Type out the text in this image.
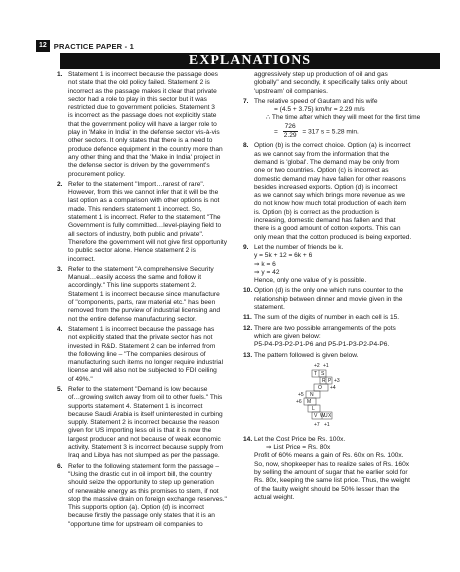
12 PRACTICE PAPER - 1
EXPLANATIONS
1. Statement 1 is incorrect because the passage does
not state that the old policy failed. Statement 2 is
incorrect as the passage makes it clear that private
sector had a role to play in this sector but it was
restricted due to government policies. Statement 3
is incorrect as the passage does not explicitly state
that the government policy will have a larger role to
play in 'Make in India' in the defense sector vis-à-vis
other sectors. It only states that there is a need to
produce defence equipment in the country more than
any other thing and that the 'Make in India' project in
the defense sector is driven by the government's
procurement policy.
2. Refer to the statement "Import…rarest of rare".
However, from this we cannot infer that it will be the
last option as a comparison with other options is not
made. This renders statement 1 incorrect. So,
statement 1 is incorrect. Refer to the statement "The
Government is fully committed…level-playing field to
all sectors of industry, both public and private".
Therefore the government will not give first opportunity
to public sector alone. Hence statement 2 is
incorrect.
3. Refer to the statement "A comprehensive Security
Manual…easily access the same and follow it
accordingly." This line supports statement 2.
Statement 1 is incorrect because since manufacture
of "components, parts, raw material etc." has been
removed from the purview of industrial licensing and
not the entire defense manufacturing sector.
4. Statement 1 is incorrect because the passage has
not explicitly stated that the private sector has not
invested in R&D. Statement 2 can be inferred from
the following line – "The companies desirous of
manufacturing such items no longer require industrial
license and will also not be subjected to FDI ceiling
of 49%."
5. Refer to the statement "Demand is low because
of…growing switch away from oil to other fuels." This
supports statement 4. Statement 1 is incorrect
because Saudi Arabia is itself uninterested in curbing
supply. Statement 2 is incorrect because the reason
given for US importing less oil is that it is now the
largest producer and not because of weak economic
activity. Statement 3 is incorrect because supply from
Iraq and Libya has not slumped as per the passage.
6. Refer to the following statement form the passage –
"Using the drastic cut in oil import bill, the country
should seize the opportunity to step up generation
of renewable energy as this promises to stem, if not
stop the massive drain on foreign exchange reserves."
This supports option (a). Option (d) is incorrect
because firstly the passage only states that it is an
"opportune time for upstream oil companies to
aggressively step up production of oil and gas
globally" and secondly, it specifically talks only about
'upstream' oil companies.
7. The relative speed of Gautam and his wife
= (4.5 + 3.75) km/hr = 2.29 m/s
∴ The time after which they will meet for the first time
= $\frac{726}{2.29} = 317$ s = 5.28 min.
8. Option (b) is the correct choice. Option (a) is incorrect
as we cannot say from the information that the
demand is 'global'. The demand may be only from
one or two countries. Option (c) is incorrect as
domestic demand may have fallen for other reasons
besides increased exports. Option (d) is incorrect
as we cannot say which brings more revenue as we
do not know how much total production of each item
is. Option (b) is correct as the production is
increasing, domestic demand has fallen and that
there is a good amount of cotton exports. This can
only mean that the cotton produced is being exported.
9. Let the number of friends be k.
y = 5k + 12 = 6k + 6
⇒ k = 6
⇒ y = 42
Hence, only one value of y is possible.
10. Option (d) is the only one which runs counter to the
relationship between dinner and movie given in the
statement.
11. The sum of the digits of number in each cell is 15.
12. There are two possible arrangements of the pots
which are given below:
P5-P4-P3-P2-P1-P6 and P5-P1-P3-P2-P4-P6.
13. The pattern followed is given below.
+2 +1
T S
R P +3
O +4
N
+5
M
+6
L
V W U X
+7 +1
14. Let the Cost Price be Rs. 100x.
⇒ List Price = Rs. 80x
Profit of 60% means a gain of Rs. 60x on Rs. 100x.
So, now, shopkeeper has to realize sales of Rs. 160x
by selling the amount of sugar that he earlier sold for
Rs. 80x, keeping the same list price. Thus, the weight
of the faulty weight should be 50% lesser than the
actual weight.
